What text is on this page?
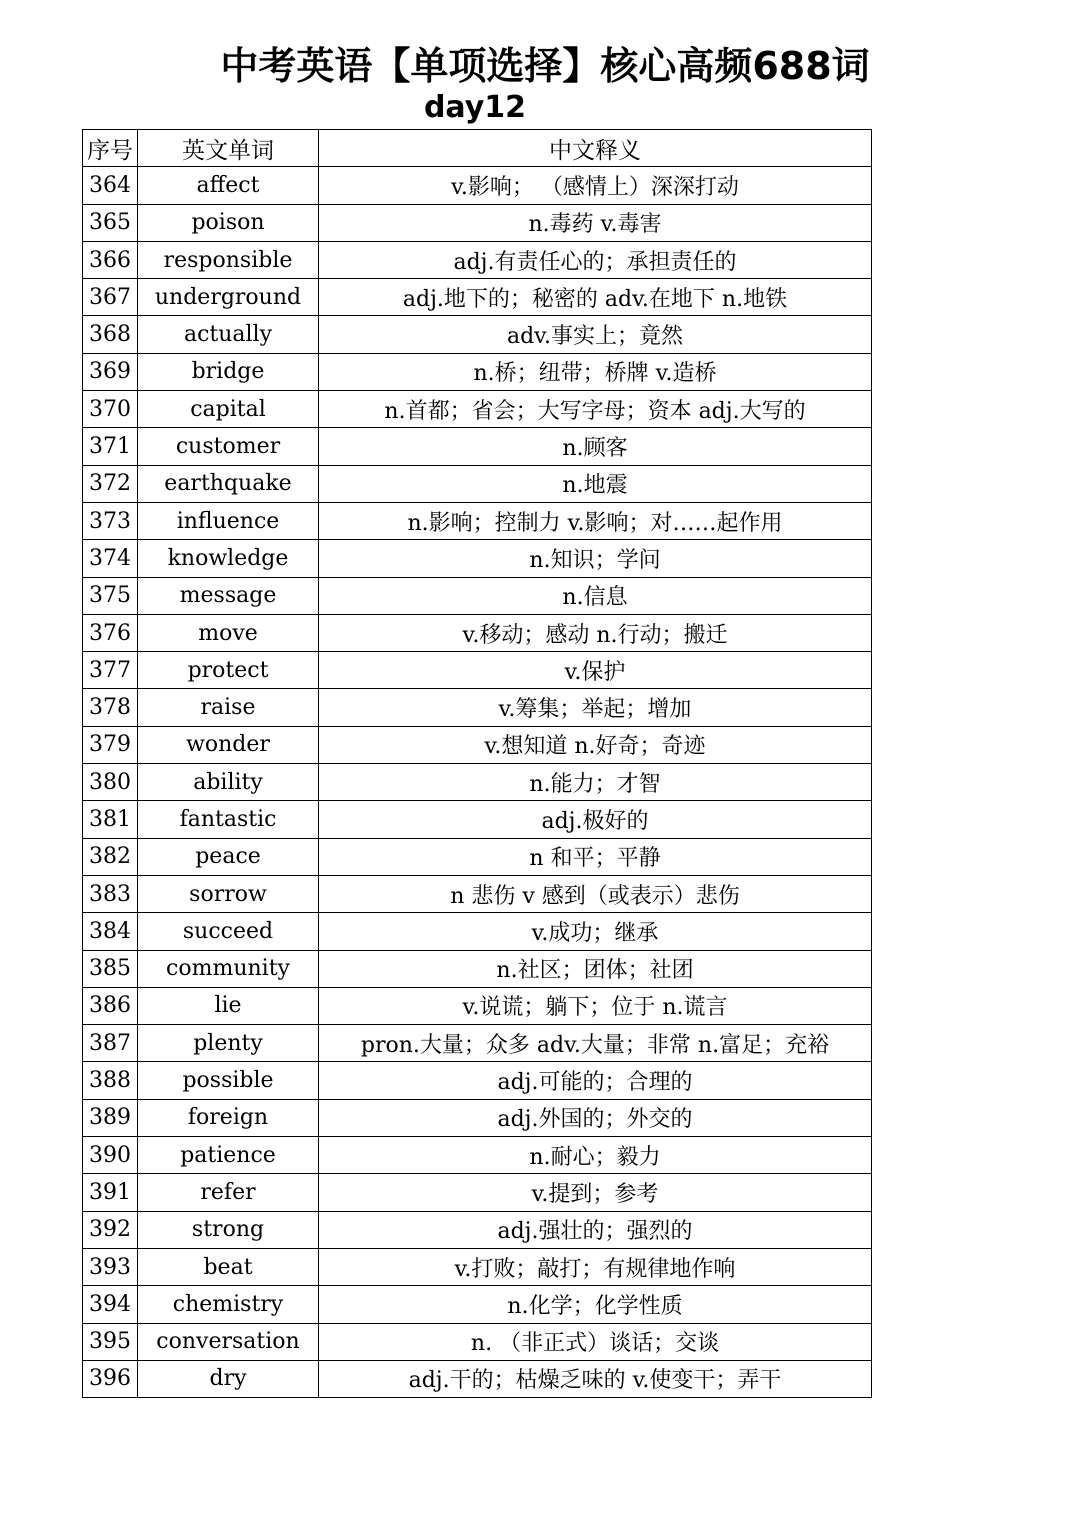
中考英语【单项选择】核心高频688词
day12
序号	英文单词	中文释义
364	affect	v.影响； （感情上）深深打动
365	poison	n.毒药 v.毒害
366	responsible	adj.有责任心的；承担责任的
367	underground	adj.地下的；秘密的 adv.在地下 n.地铁
368	actually	adv.事实上；竟然
369	bridge	n.桥；纽带；桥牌 v.造桥
370	capital	n.首都；省会；大写字母；资本 adj.大写的
371	customer	n.顾客
372	earthquake	n.地震
373	influence	n.影响；控制力 v.影响；对……起作用
374	knowledge	n.知识；学问
375	message	n.信息
376	move	v.移动；感动 n.行动；搬迁
377	protect	v.保护
378	raise	v.筹集；举起；增加
379	wonder	v.想知道 n.好奇；奇迹
380	ability	n.能力；才智
381	fantastic	adj.极好的
382	peace	n 和平；平静
383	sorrow	n 悲伤 v 感到（或表示）悲伤
384	succeed	v.成功；继承
385	community	n.社区；团体；社团
386	lie	v.说谎；躺下；位于 n.谎言
387	plenty	pron.大量；众多 adv.大量；非常 n.富足；充裕
388	possible	adj.可能的；合理的
389	foreign	adj.外国的；外交的
390	patience	n.耐心；毅力
391	refer	v.提到；参考
392	strong	adj.强壮的；强烈的
393	beat	v.打败；敲打；有规律地作响
394	chemistry	n.化学；化学性质
395	conversation	n. （非正式）谈话；交谈
396	dry	adj.干的；枯燥乏味的 v.使变干；弄干
